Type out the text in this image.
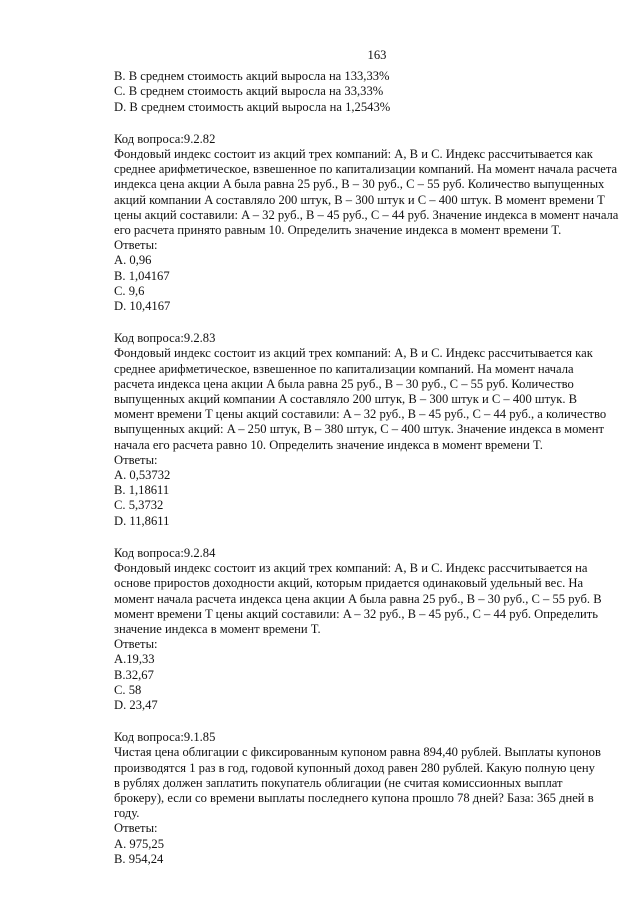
163
B. В среднем стоимость акций выросла на 133,33%
C. В среднем стоимость акций выросла на 33,33%
D. В среднем стоимость акций выросла на 1,2543%
Код вопроса:9.2.82
Фондовый индекс состоит из акций трех компаний: A, B и C. Индекс рассчитывается как
среднее арифметическое, взвешенное по капитализации компаний. На момент начала расчета
индекса цена акции A была равна 25 руб., B – 30 руб., C – 55 руб. Количество выпущенных
акций компании A составляло 200 штук, B – 300 штук и C – 400 штук. В момент времени T
цены акций составили: A – 32 руб., B – 45 руб., C – 44 руб. Значение индекса в момент начала
его расчета принято равным 10. Определить значение индекса в момент времени T.
Ответы:
A. 0,96
B. 1,04167
C. 9,6
D. 10,4167
Код вопроса:9.2.83
Фондовый индекс состоит из акций трех компаний: A, B и C. Индекс рассчитывается как
среднее арифметическое, взвешенное по капитализации компаний. На момент начала
расчета индекса цена акции A была равна 25 руб., B – 30 руб., C – 55 руб. Количество
выпущенных акций компании A составляло 200 штук, B – 300 штук и C – 400 штук. В
момент времени T цены акций составили: A – 32 руб., B – 45 руб., C – 44 руб., а количество
выпущенных акций: A – 250 штук, B – 380 штук, C – 400 штук. Значение индекса в момент
начала его расчета равно 10. Определить значение индекса в момент времени T.
Ответы:
A. 0,53732
B. 1,18611
C. 5,3732
D. 11,8611
Код вопроса:9.2.84
Фондовый индекс состоит из акций трех компаний: A, B и C. Индекс рассчитывается на
основе приростов доходности акций, которым придается одинаковый удельный вес. На
момент начала расчета индекса цена акции A была равна 25 руб., B – 30 руб., C – 55 руб. В
момент времени T цены акций составили: A – 32 руб., B – 45 руб., C – 44 руб. Определить
значение индекса в момент времени T.
Ответы:
A.19,33
B.32,67
C. 58
D. 23,47
Код вопроса:9.1.85
Чистая цена облигации с фиксированным купоном равна 894,40 рублей. Выплаты купонов
производятся 1 раз в год, годовой купонный доход равен 280 рублей. Какую полную цену
в рублях должен заплатить покупатель облигации (не считая комиссионных выплат
брокеру), если со времени выплаты последнего купона прошло 78 дней? База: 365 дней в
году.
Ответы:
A. 975,25
B. 954,24
